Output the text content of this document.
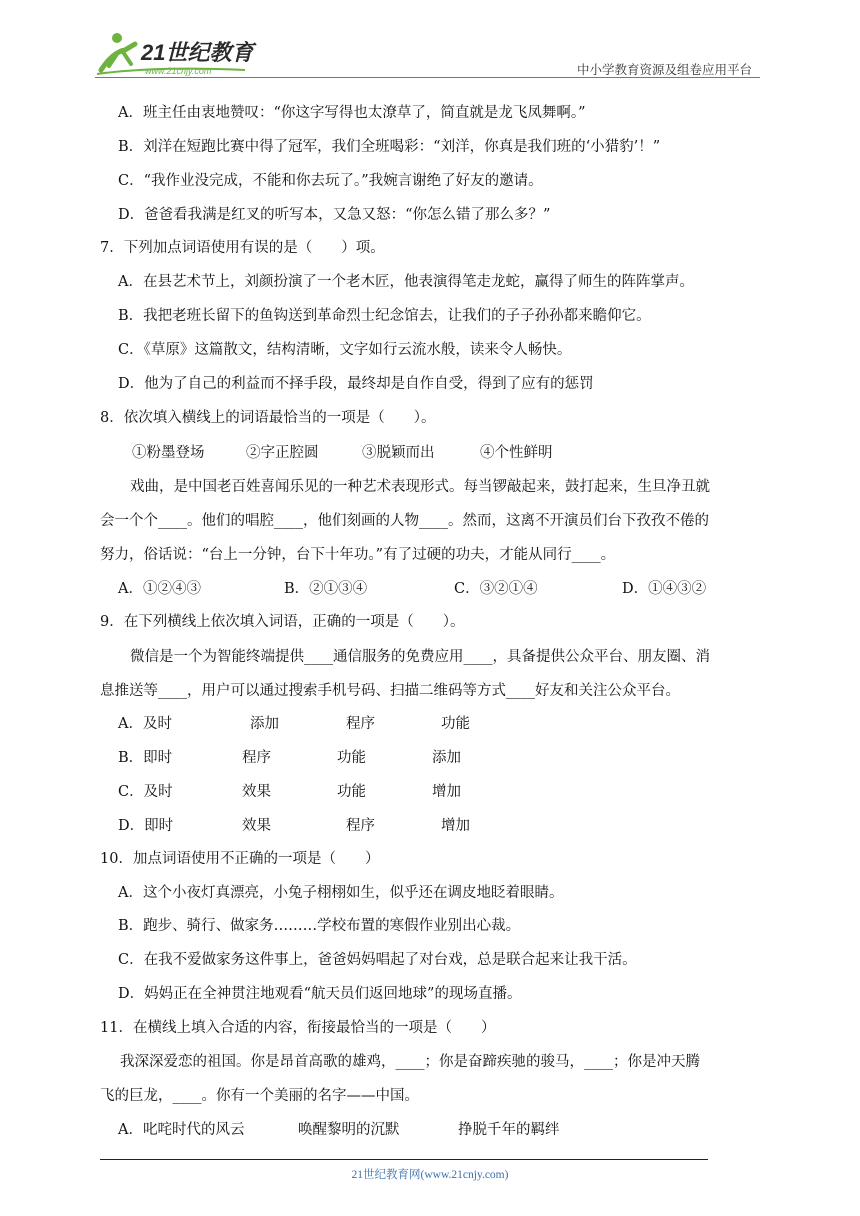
21世纪教育
www.21cnjy.com	中小学教育资源及组卷应用平台
A．班主任由衷地赞叹：“你这字写得也太潦草了，简直就是龙飞凤舞啊。”
B．刘洋在短跑比赛中得了冠军，我们全班喝彩：“刘洋，你真是我们班的‘小猎豹’！”
C．“我作业没完成，不能和你去玩了。”我婉言谢绝了好友的邀请。
D．爸爸看我满是红叉的听写本，又急又怒：“你怎么错了那么多？”
7．下列加点词语使用有误的是（　　）项。
A．在县艺术节上，刘颜扮演了一个老木匠，他表演得笔走龙蛇，赢得了师生的阵阵掌声。
B．我把老班长留下的鱼钩送到革命烈士纪念馆去，让我们的子子孙孙都来瞻仰它。
C．《草原》这篇散文，结构清晰，文字如行云流水般，读来令人畅快。
D．他为了自己的利益而不择手段，最终却是自作自受，得到了应有的惩罚
8．依次填入横线上的词语最恰当的一项是（　　）。
①粉墨登场	②字正腔圆	③脱颖而出	④个性鲜明
戏曲，是中国老百姓喜闻乐见的一种艺术表现形式。每当锣敲起来，鼓打起来，生旦净丑就
会一个个____。他们的唱腔____，他们刻画的人物____。然而，这离不开演员们台下孜孜不倦的
努力，俗话说：“台上一分钟，台下十年功。”有了过硬的功夫，才能从同行____。
A．①②④③	B．②①③④	C．③②①④	D．①④③②
9．在下列横线上依次填入词语，正确的一项是（　　）。
微信是一个为智能终端提供____通信服务的免费应用____，具备提供公众平台、朋友圈、消
息推送等____，用户可以通过搜索手机号码、扫描二维码等方式____好友和关注公众平台。
A．及时	添加	程序	功能
B．即时	程序	功能	添加
C．及时	效果	功能	增加
D．即时	效果	程序	增加
10．加点词语使用不正确的一项是（　　）
A．这个小夜灯真漂亮，小兔子栩栩如生，似乎还在调皮地眨着眼睛。
B．跑步、骑行、做家务………学校布置的寒假作业别出心裁。
C．在我不爱做家务这件事上，爸爸妈妈唱起了对台戏，总是联合起来让我干活。
D．妈妈正在全神贯注地观看“航天员们返回地球”的现场直播。
11．在横线上填入合适的内容，衔接最恰当的一项是（　　）
我深深爱恋的祖国。你是昂首高歌的雄鸡，____；你是奋蹄疾驰的骏马，____；你是冲天腾
飞的巨龙，____。你有一个美丽的名字——中国。
A．叱咤时代的风云	唤醒黎明的沉默	挣脱千年的羁绊
21世纪教育网(www.21cnjy.com)
